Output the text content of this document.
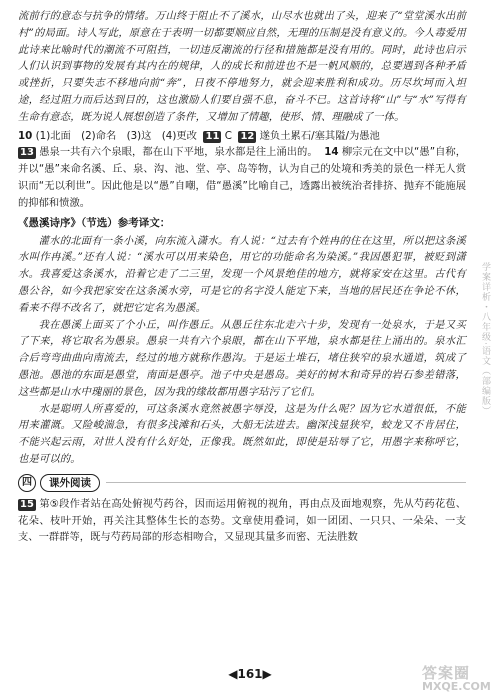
流前行的意态与抗争的情绪。万山终于阻止不了溪水，山尽水也就出了头，迎来了“堂堂溪水出前村”的局面。诗人写此，原意在于表明一切都要顺应自然，无理的压制是没有意义的。今人毒爱用此诗来比喻时代的潮流不可阻挡，一切违反潮流的行径和措施都是没有用的。同时，此诗也启示人们认识到事物的发展有其内在的规律，人的成长和前进也不是一帆风顺的，总要遇到各种矛盾或挫折，只要失志不移地向前“奔”，日夜不停地努力，就会迎来胜利和成功。历尽坎坷而入坦途，经过阻力而后达到目的，这也激励人们要自强不息，奋斗不已。这首诗将“山”与“水”写得有生命有意态，既为说人展想创造了条件，又增加了情趣，使形、情、理融成了一体。

10 (1)北面　(2)命名　(3)这　(4)更改 11 C 12 遂负土累石/塞其隘/为愚池
13 愚泉一共有六个泉眼，都在山下平地，泉水都是往上涌出的。 14 柳宗元在文中以“愚”自称，并以“愚”来命名溪、丘、泉、沟、池、堂、亭、岛等物，认为自己的处境和秀美的景色一样无人赏识而“无以利世”。因此他是以“愚”自嘲，借“愚溪”比喻自己，透露出被统治者排挤、抛弃不能施展的抑郁和愤激。

《愚溪诗序》（节选）参考译文：

灌水的北面有一条小溪，向东流入潇水。有人说：“过去有个姓冉的住在这里，所以把这条溪水叫作冉溪。”还有人说：“溪水可以用来染色，用它的功能命名为染溪。”我因愚犯罪，被贬到潇水。我喜爱这条溪水，沿着它走了二三里，发现一个风景绝佳的地方，就将家安在这里。古代有愚公谷，如今我把家安在这条溪水旁，可是它的名字没人能定下来，当地的居民还在争论不休，看来不得不改名了，就把它定名为愚溪。

我在愚溪上面买了个小丘，叫作愚丘。从愚丘往东北走六十步，发现有一处泉水，于是又买了下来，将它取名为愚泉。愚泉一共有六个泉眼，都在山下平地，泉水都是往上涌出的。泉水汇合后弯弯曲曲向南流去，经过的地方就称作愚沟。于是运土堆石，堵住狭窄的泉水通道，筑成了愚池。愚池的东面是愚堂，南面是愚亭。池子中央是愚岛。美好的树木和奇异的岩石参差错落，这些都是山水中瑰丽的景色，因为我的缘故都用愚字玷污了它们。

水是聪明人所喜爱的，可这条溪水竟然被愚字辱没，这是为什么呢？因为它水道很低，不能用来灌溉。又险峻湍急，有很多浅滩和石头，大船无法进去。幽深浅显狭窄，蛟龙又不肯居住，不能兴起云雨，对世人没有什么好处，正像我。既然如此，即使是玷辱了它，用愚字来称呼它，也是可以的。

四	课外阅读

15 第⑤段作者站在高处俯视芍药谷，因而运用俯视的视角，再由点及面地观察，先从芍药花苞、花朵、枝叶开始，再关注其整体生长的态势。文章使用叠词，如一团团、一只只、一朵朵、一支支、一群群等，既与芍药局部的形态相吻合，又显现其量多而密、无法胜数

学案详析・八年级·语文（部编版）
◀161▶	答案圈
MXQE.COM
